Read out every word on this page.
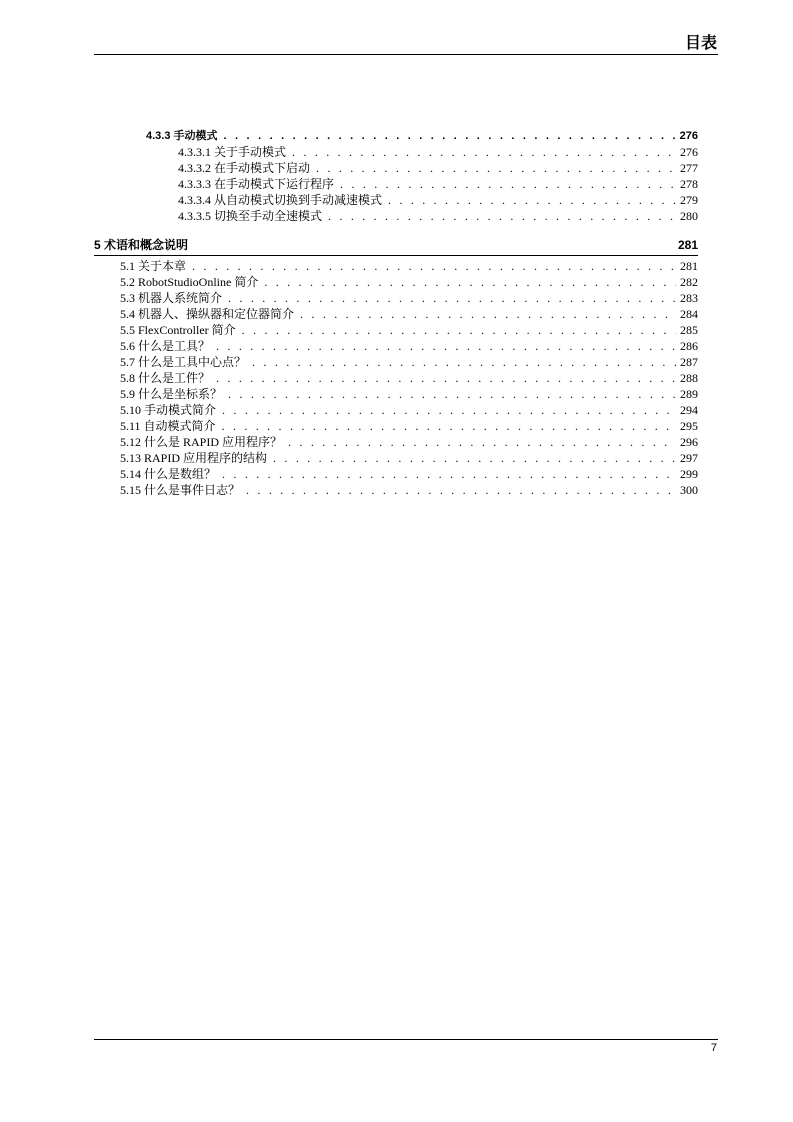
目表
4.3.3 手动模式 . . .	276
4.3.3.1 关于手动模式 . . .	276
4.3.3.2 在手动模式下启动 . . .	277
4.3.3.3 在手动模式下运行程序 . . .	278
4.3.3.4 从自动模式切换到手动减速模式 . . .	279
4.3.3.5 切换至手动全速模式 . . .	280
5 术语和概念说明	281
5.1 关于本章 . . .	281
5.2 RobotStudioOnline 简介 . . .	282
5.3 机器人系统简介 . . .	283
5.4 机器人、操纵器和定位器简介 . . .	284
5.5 FlexController 简介 . . .	285
5.6 什么是工具？ . . .	286
5.7 什么是工具中心点？ . . .	287
5.8 什么是工件？ . . .	288
5.9 什么是坐标系？ . . .	289
5.10 手动模式简介 . . .	294
5.11 自动模式简介 . . .	295
5.12 什么是 RAPID 应用程序？ . . .	296
5.13 RAPID 应用程序的结构 . . .	297
5.14 什么是数组？ . . .	299
5.15 什么是事件日志？ . . .	300
7
